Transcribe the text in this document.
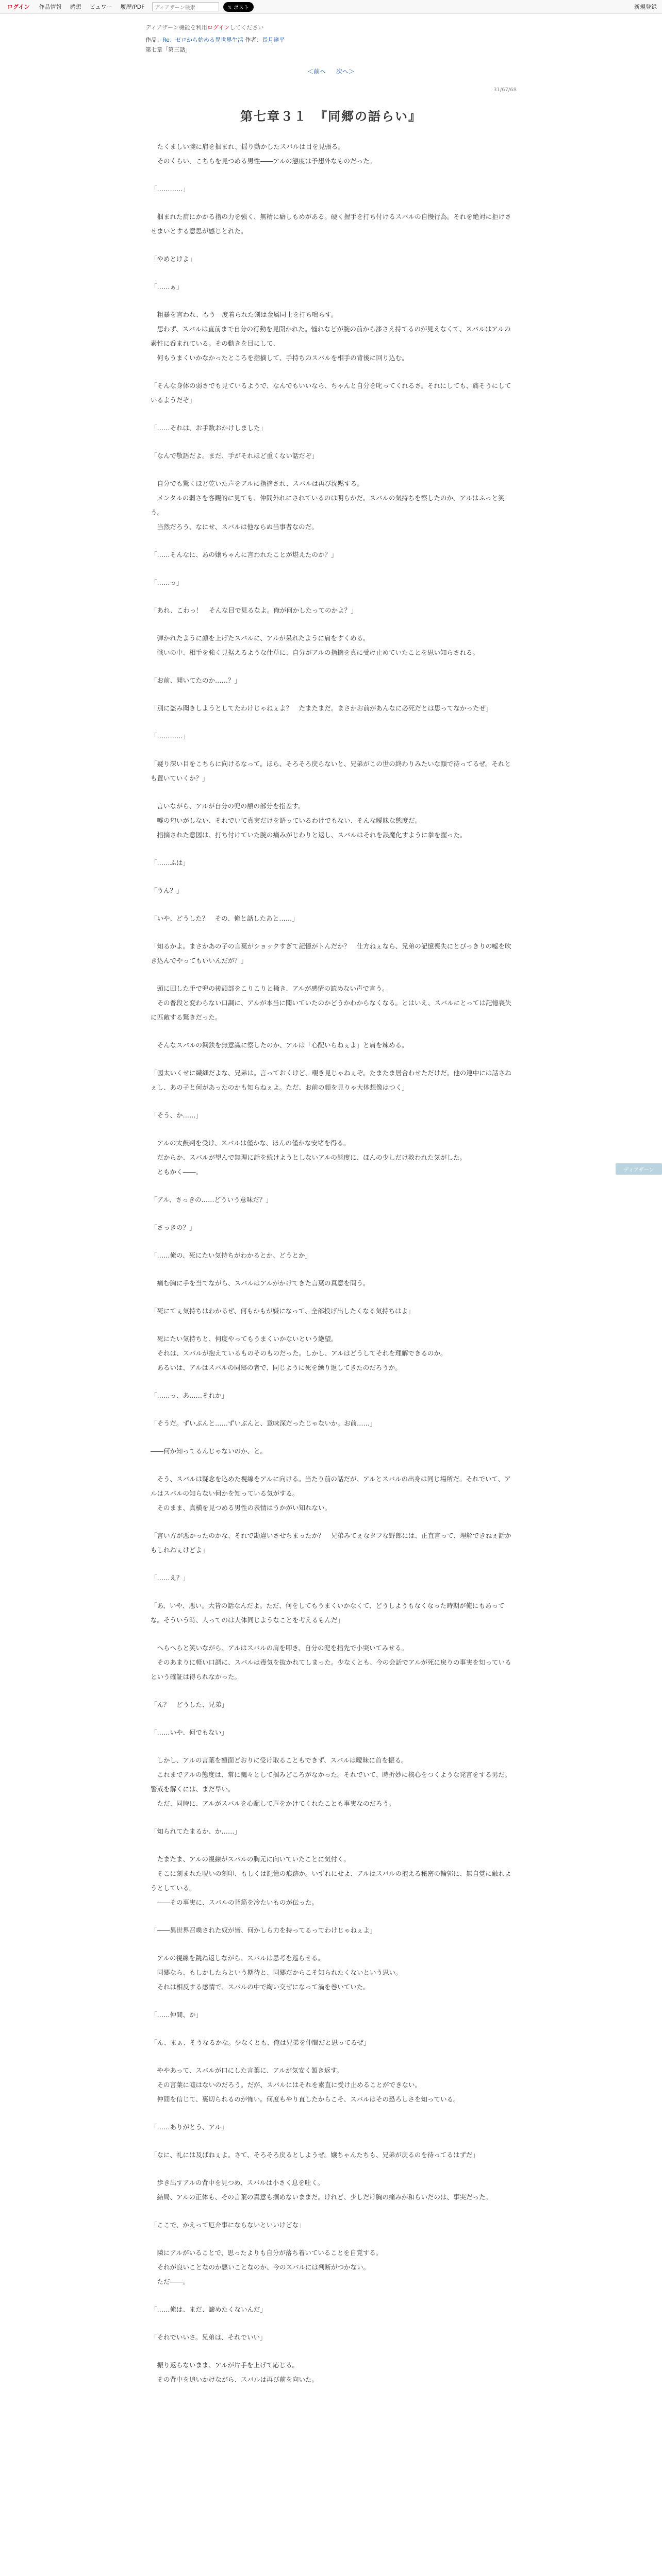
ログイン	作品情報	感想	ビュワー	履歴/PDF	ディアザーン検索	𝕏 ポスト	新規登録
ディアザーン機能を利用ログインしてください
作品：Re：ゼロから始める異世界生活 作者：長月達平
第七章「第三話」
＜前へ 次へ＞
31/67/68
第七章３１　『同郷の語らい』
　たくましい腕に肩を掴まれ、揺り動かしたスバルは目を見張る。
　そのくらい、こちらを見つめる男性――アルの態度は予想外なものだった。
「…………」
　掴まれた肩にかかる指の力を強く、無精に癖しもめがある。硬く握手を打ち付けるスバルの自慢行為。それを絶対に拒けさせまいとする意思が感じとれた。
「やめとけよ」
「……ぁ」
　粗暴を言われ、もう一度着られた剣は金属同士を打ち鳴らす。
　思わず、スバルは直前まで自分の行動を見開かれた。憧れなどが腕の前から漆さえ持てるのが見えなくて、スバルはアルの素性に呑まれている。その動きを目にして、
　何もうまくいかなかったところを指摘して、手持ちのスバルを相手の背後に回り込む。
「そんな身体の弱さでも見ているようで、なんでもいいなら、ちゃんと自分を叱ってくれるさ。それにしても、痛そうにしているようだぞ」
「……それは、お手数おかけしました」
「なんで敬語だよ。まだ、手がそれほど重くない話だぞ」
　自分でも驚くほど乾いた声をアルに指摘され、スバルは再び沈黙する。
　メンタルの弱さを客観的に見ても、仲間外れにされているのは明らかだ。スバルの気持ちを察したのか、アルはふっと笑う。
　当然だろう、なにせ、スバルは他ならぬ当事者なのだ。
「……そんなに、あの嬢ちゃんに言われたことが堪えたのか？」
「……っ」
「あれ、こわっ！　そんな目で見るなよ。俺が何かしたってのかよ？」
　弾かれたように顔を上げたスバルに、アルが呆れたように肩をすくめる。
　戦いの中、相手を強く見据えるような仕草に、自分がアルの指摘を真に受け止めていたことを思い知らされる。
「お前、聞いてたのか……？」
「別に盗み聞きしようとしてたわけじゃねぇよ？　たまたまだ。まさかお前があんなに必死だとは思ってなかったぜ」
「…………」
「疑り深い目をこちらに向けるなって。ほら、そろそろ戻らないと、兄弟がこの世の終わりみたいな顔で待ってるぜ。それとも置いていくか？」
　言いながら、アルが自分の兜の額の部分を指差す。
　嘘の匂いがしない、それでいて真実だけを語っているわけでもない、そんな曖昧な態度だ。
　指摘された意図は、打ち付けていた腕の痛みがじわりと返し、スバルはそれを誤魔化すように拳を握った。
「……ふは」
「うん？」
「いや、どうした？　その、俺と話したあと……」
「知るかよ。まさかあの子の言葉がショックすぎて記憶がトんだか？　仕方ねぇなら、兄弟の記憶喪失にとびっきりの嘘を吹き込んでやってもいいんだが？」
　頭に回した手で兜の後頭部をこりこりと掻き、アルが感情の読めない声で言う。
　その普段と変わらない口調に、アルが本当に聞いていたのかどうかわからなくなる。とはいえ、スバルにとっては記憶喪失に匹敵する驚きだった。
　そんなスバルの鋼鉄を無意識に察したのか、アルは「心配いらねぇよ」と肩を竦める。
「図太いくせに繊細だよな、兄弟は。言っておくけど、覗き見じゃねぇぞ。たまたま居合わせただけだ。他の連中には話さねぇし、あの子と何があったのかも知らねぇよ。ただ、お前の顔を見りゃ大体想像はつく」
「そう、か……」
　アルの太鼓判を受け、スバルは僅かな、ほんの僅かな安堵を得る。
　だからか、スバルが望んで無理に話を続けようとしないアルの態度に、ほんの少しだけ救われた気がした。
　ともかく――。
「アル、さっきの……どういう意味だ？」
「さっきの？」
「……俺の、死にたい気持ちがわかるとか、どうとか」
　痛む胸に手を当てながら、スバルはアルがかけてきた言葉の真意を問う。
「死にてぇ気持ちはわかるぜ、何もかもが嫌になって、全部投げ出したくなる気持ちはよ」
　死にたい気持ちと、何度やってもうまくいかないという絶望。
　それは、スバルが抱えているものそのものだった。しかし、アルはどうしてそれを理解できるのか。
　あるいは、アルはスバルの同郷の者で、同じように死を繰り返してきたのだろうか。
「……っ、あ……それか」
「そうだ。ずいぶんと……ずいぶんと、意味深だったじゃないか。お前……」
――何か知ってるんじゃないのか、と。
　そう、スバルは疑念を込めた視線をアルに向ける。当たり前の話だが、アルとスバルの出身は同じ場所だ。それでいて、アルはスバルの知らない何かを知っている気がする。
　そのまま、真横を見つめる男性の表情はうかがい知れない。
「言い方が悪かったのかな、それで勘違いさせちまったか？　兄弟みてぇなタフな野郎には、正直言って、理解できねぇ話かもしれねぇけどよ」
「……え？」
「あ、いや、悪い。大昔の話なんだよ。ただ、何をしてもうまくいかなくて、どうしようもなくなった時期が俺にもあってな。そういう時、人ってのは大体同じようなことを考えるもんだ」
　へらへらと笑いながら、アルはスバルの肩を叩き、自分の兜を指先で小突いてみせる。
　そのあまりに軽い口調に、スバルは毒気を抜かれてしまった。少なくとも、今の会話でアルが死に戻りの事実を知っているという確証は得られなかった。
「ん？　どうした、兄弟」
「……いや、何でもない」
　しかし、アルの言葉を額面どおりに受け取ることもできず、スバルは曖昧に首を振る。
　これまでアルの態度は、常に飄々として掴みどころがなかった。それでいて、時折妙に核心をつくような発言をする男だ。警戒を解くには、まだ早い。
　ただ、同時に、アルがスバルを心配して声をかけてくれたことも事実なのだろう。
「知られてたまるか、か……」
　たまたま、アルの視線がスバルの胸元に向いていたことに気付く。
　そこに刻まれた呪いの刻印、もしくは記憶の痕跡か。いずれにせよ、アルはスバルの抱える秘密の輪郭に、無自覚に触れようとしている。
　――その事実に、スバルの背筋を冷たいものが伝った。
「――異世界召喚された奴が皆、何かしら力を持ってるってわけじゃねぇよ」
　アルの視線を跳ね返しながら、スバルは思考を巡らせる。
　同郷なら、もしかしたらという期待と、同郷だからこそ知られたくないという思い。
　それは相反する感情で、スバルの中で綯い交ぜになって渦を巻いていた。
「……仲間、か」
「ん、まぁ、そうなるかな。少なくとも、俺は兄弟を仲間だと思ってるぜ」
　ややあって、スバルが口にした言葉に、アルが気安く頷き返す。
　その言葉に嘘はないのだろう。だが、スバルにはそれを素直に受け止めることができない。
　仲間を信じて、裏切られるのが怖い。何度もやり直したからこそ、スバルはその恐ろしさを知っている。
「……ありがとう、アル」
「なに、礼には及ばねぇよ。さて、そろそろ戻るとしようぜ。嬢ちゃんたちも、兄弟が戻るのを待ってるはずだ」
　歩き出すアルの背中を見つめ、スバルは小さく息を吐く。
　結局、アルの正体も、その言葉の真意も掴めないままだ。けれど、少しだけ胸の痛みが和らいだのは、事実だった。
「ここで、かえって厄介事にならないといいけどな」
　隣にアルがいることで、思ったよりも自分が落ち着いていることを自覚する。
　それが良いことなのか悪いことなのか、今のスバルには判断がつかない。
　ただ――。
「……俺は、まだ、諦めたくないんだ」
「それでいいさ。兄弟は、それでいい」
　振り返らないまま、アルが片手を上げて応じる。
　その背中を追いかけながら、スバルは再び前を向いた。
ディアザーン
